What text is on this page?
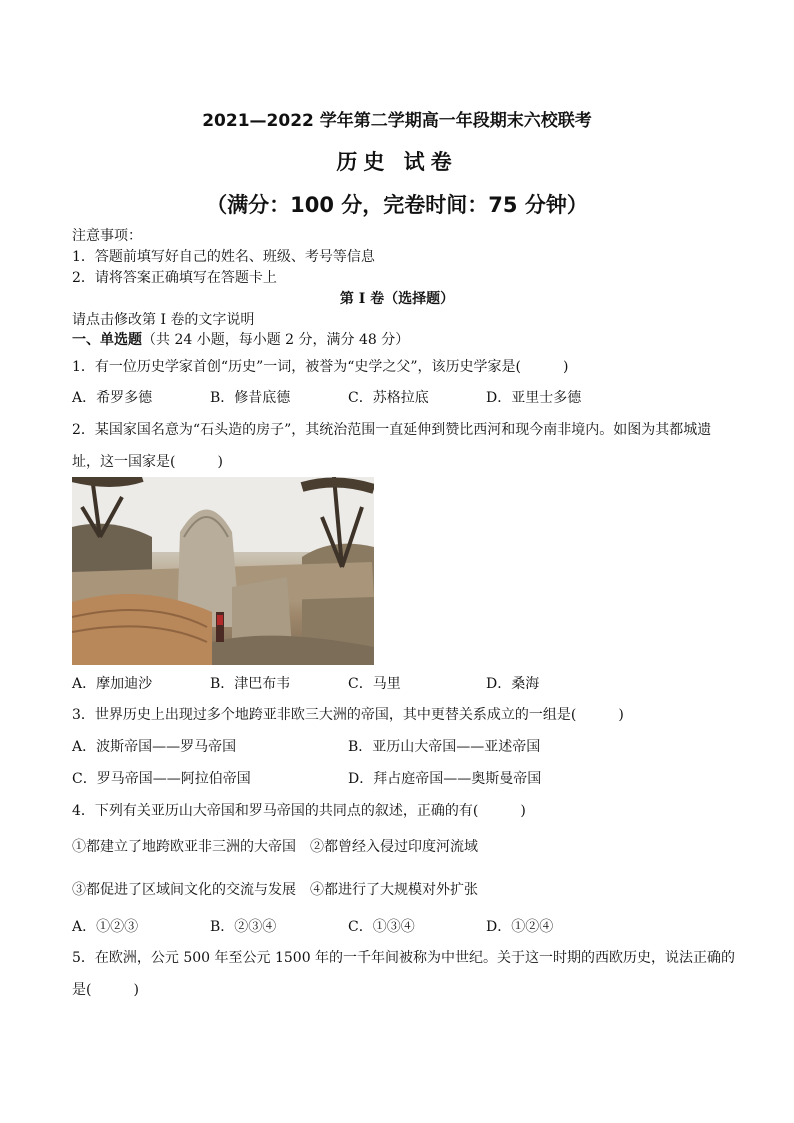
2021—2022 学年第二学期高一年段期末六校联考
历史 试卷
（满分：100 分，完卷时间：75 分钟）
注意事项：
1．答题前填写好自己的姓名、班级、考号等信息
2．请将答案正确填写在答题卡上
第 I 卷（选择题）
请点击修改第 I 卷的文字说明
一、单选题（共 24 小题，每小题 2 分，满分 48 分）
1．有一位历史学家首创“历史”一词，被誉为“史学之父”，该历史学家是(　　　)
A．希罗多德	B．修昔底德	C．苏格拉底	D．亚里士多德
2．某国家国名意为“石头造的房子”，其统治范围一直延伸到赞比西河和现今南非境内。如图为其都城遗
址，这一国家是(　　　)
A．摩加迪沙	B．津巴布韦	C．马里	D．桑海
3．世界历史上出现过多个地跨亚非欧三大洲的帝国，其中更替关系成立的一组是(　　　)
A．波斯帝国——罗马帝国	B．亚历山大帝国——亚述帝国
C．罗马帝国——阿拉伯帝国	D．拜占庭帝国——奥斯曼帝国
4．下列有关亚历山大帝国和罗马帝国的共同点的叙述，正确的有(　　　)
①都建立了地跨欧亚非三洲的大帝国　②都曾经入侵过印度河流域
③都促进了区域间文化的交流与发展　④都进行了大规模对外扩张
A．①②③	B．②③④	C．①③④	D．①②④
5．在欧洲，公元 500 年至公元 1500 年的一千年间被称为中世纪。关于这一时期的西欧历史，说法正确的
是(　　　)
